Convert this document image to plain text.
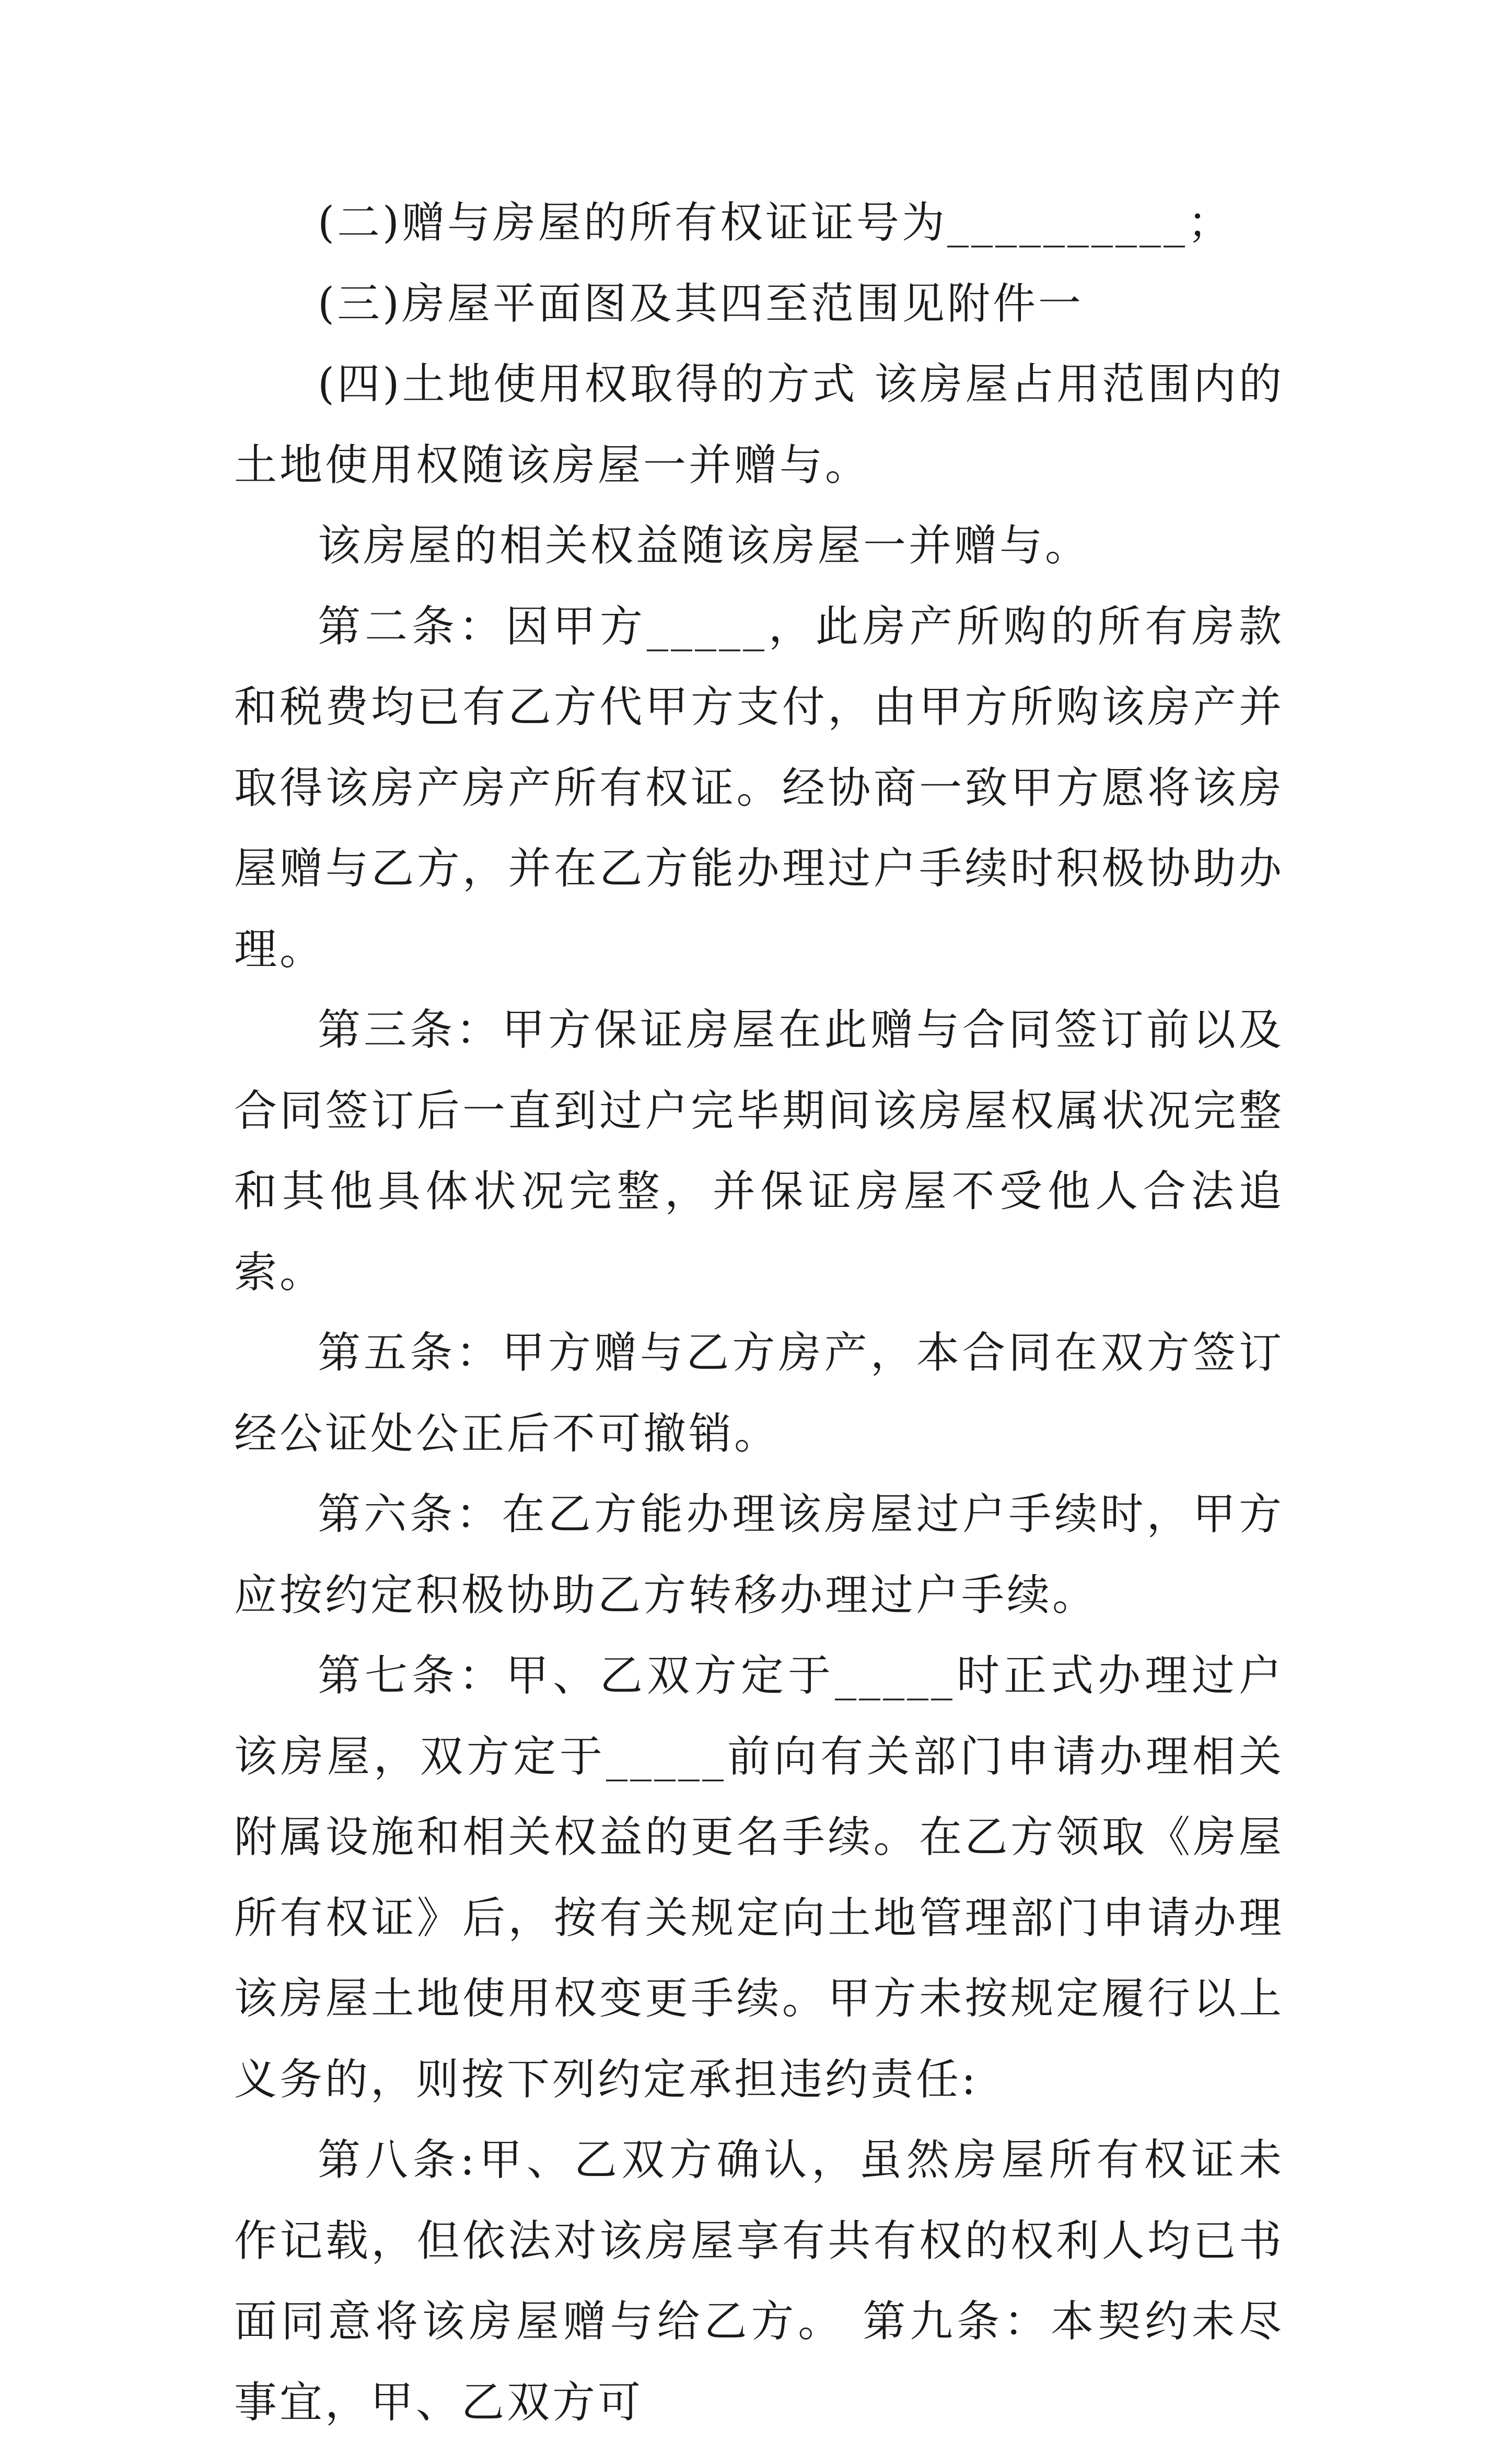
(二)赠与房屋的所有权证证号为__________；

(三)房屋平面图及其四至范围见附件一

(四)土地使用权取得的方式 该房屋占用范围内的土地使用权随该房屋一并赠与。

该房屋的相关权益随该房屋一并赠与。

第二条：因甲方_____，此房产所购的所有房款和税费均已有乙方代甲方支付，由甲方所购该房产并取得该房产房产所有权证。经协商一致甲方愿将该房屋赠与乙方，并在乙方能办理过户手续时积极协助办理。

第三条：甲方保证房屋在此赠与合同签订前以及合同签订后一直到过户完毕期间该房屋权属状况完整和其他具体状况完整，并保证房屋不受他人合法追索。

第五条：甲方赠与乙方房产，本合同在双方签订经公证处公正后不可撤销。

第六条：在乙方能办理该房屋过户手续时，甲方应按约定积极协助乙方转移办理过户手续。

第七条：甲、乙双方定于_____时正式办理过户该房屋，双方定于_____前向有关部门申请办理相关附属设施和相关权益的更名手续。在乙方领取《房屋所有权证》后，按有关规定向土地管理部门申请办理该房屋土地使用权变更手续。甲方未按规定履行以上义务的，则按下列约定承担违约责任:

第八条:甲、乙双方确认，虽然房屋所有权证未作记载，但依法对该房屋享有共有权的权利人均已书面同意将该房屋赠与给乙方。 第九条：本契约未尽事宜，甲、乙双方可
